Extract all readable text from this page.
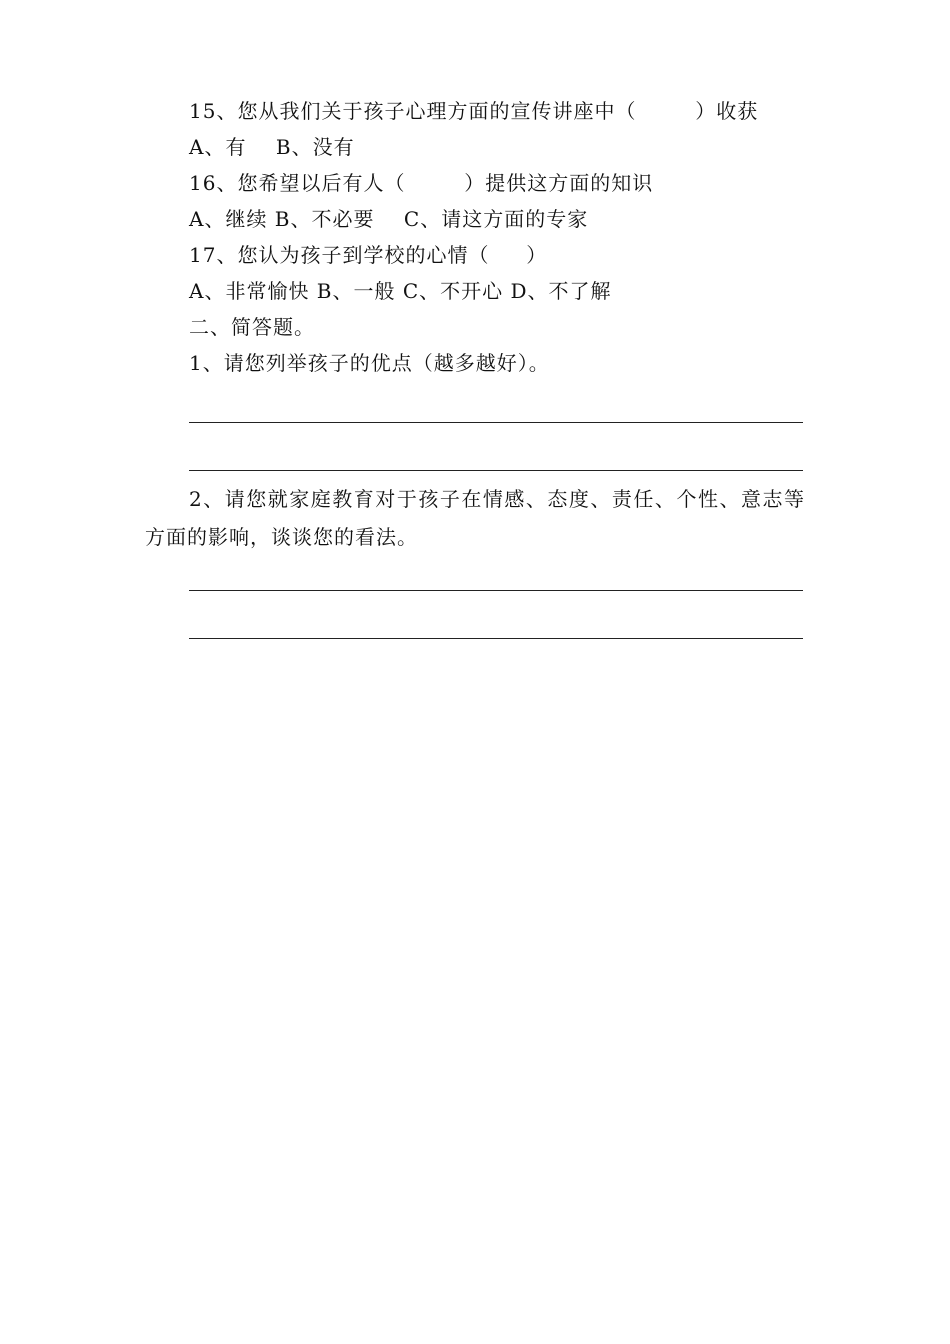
15、您从我们关于孩子心理方面的宣传讲座中（        ）收获
A、有    B、没有
16、您希望以后有人（        ）提供这方面的知识
A、继续 B、不必要    C、请这方面的专家
17、您认为孩子到学校的心情（     ）
A、非常愉快 B、一般 C、不开心 D、不了解
二、简答题。
1、请您列举孩子的优点（越多越好）。
2、请您就家庭教育对于孩子在情感、态度、责任、个性、意志等方面的影响，谈谈您的看法。
